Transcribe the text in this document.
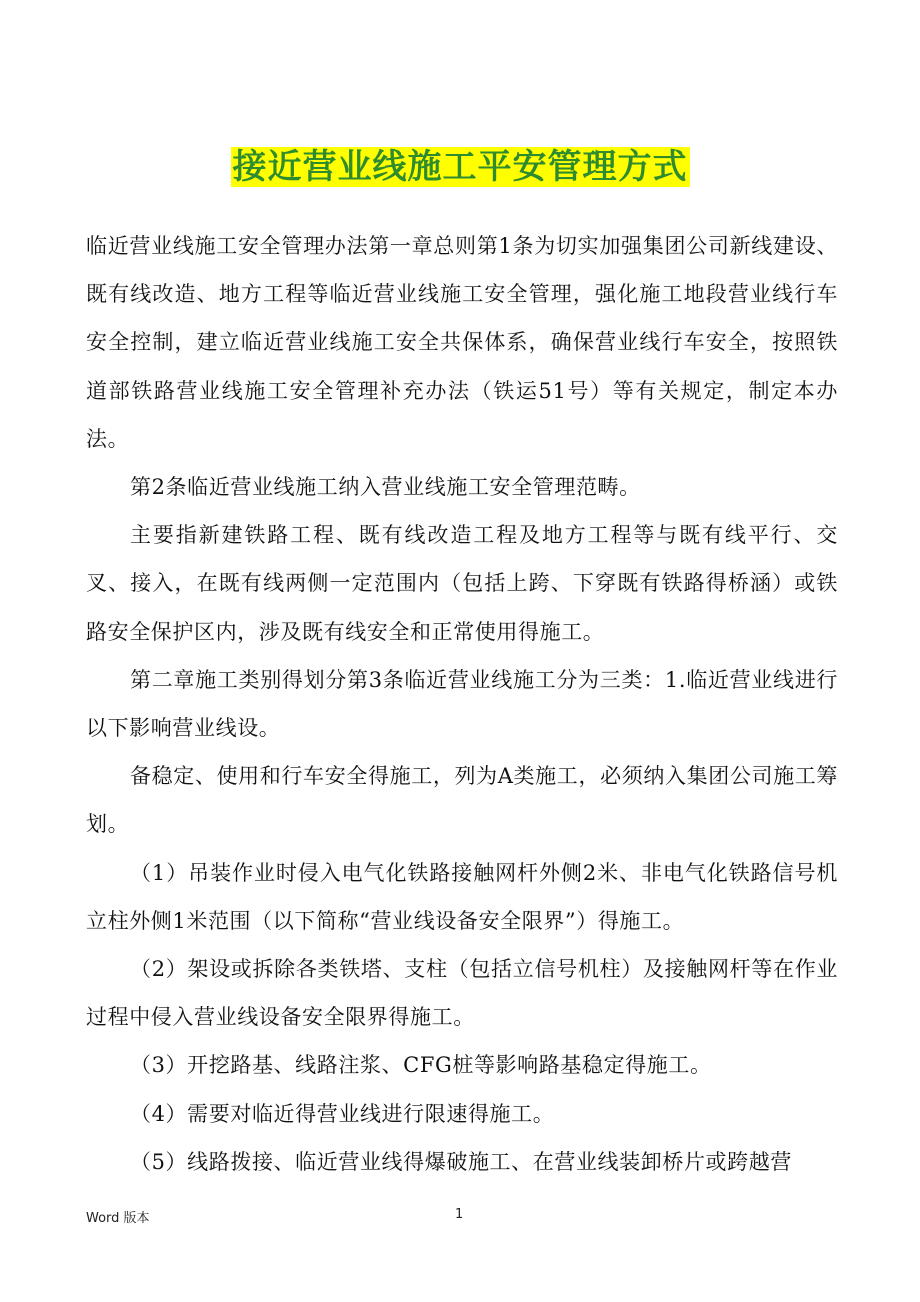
接近营业线施工平安管理方式

临近营业线施工安全管理办法第一章总则第1条为切实加强集团公司新线建设、既有线改造、地方工程等临近营业线施工安全管理，强化施工地段营业线行车安全控制，建立临近营业线施工安全共保体系，确保营业线行车安全，按照铁道部铁路营业线施工安全管理补充办法（铁运51号）等有关规定，制定本办法。

第2条临近营业线施工纳入营业线施工安全管理范畴。

主要指新建铁路工程、既有线改造工程及地方工程等与既有线平行、交叉、接入，在既有线两侧一定范围内（包括上跨、下穿既有铁路得桥涵）或铁路安全保护区内，涉及既有线安全和正常使用得施工。

第二章施工类别得划分第3条临近营业线施工分为三类：1.临近营业线进行以下影响营业线设。

备稳定、使用和行车安全得施工，列为A类施工，必须纳入集团公司施工筹划。

（1）吊装作业时侵入电气化铁路接触网杆外侧2米、非电气化铁路信号机立柱外侧1米范围（以下简称“营业线设备安全限界”）得施工。

（2）架设或拆除各类铁塔、支柱（包括立信号机柱）及接触网杆等在作业过程中侵入营业线设备安全限界得施工。

（3）开挖路基、线路注浆、CFG桩等影响路基稳定得施工。

（4）需要对临近得营业线进行限速得施工。

（5）线路拨接、临近营业线得爆破施工、在营业线装卸桥片或跨越营

Word 版本	1
